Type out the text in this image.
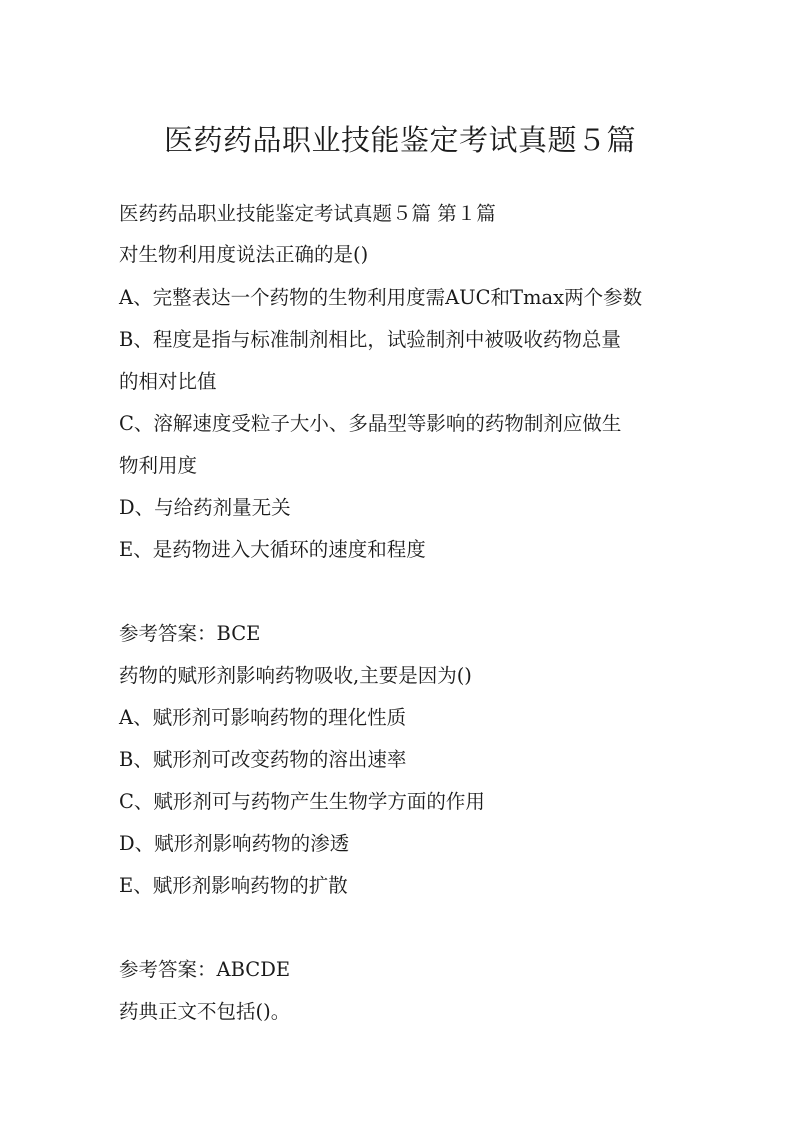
医药药品职业技能鉴定考试真题５篇
医药药品职业技能鉴定考试真题５篇 第１篇
对生物利用度说法正确的是()
A、完整表达一个药物的生物利用度需AUC和Tmax两个参数
B、程度是指与标准制剂相比，试验制剂中被吸收药物总量
的相对比值
C、溶解速度受粒子大小、多晶型等影响的药物制剂应做生
物利用度
D、与给药剂量无关
E、是药物进入大循环的速度和程度
参考答案：BCE
药物的赋形剂影响药物吸收,主要是因为()
A、赋形剂可影响药物的理化性质
B、赋形剂可改变药物的溶出速率
C、赋形剂可与药物产生生物学方面的作用
D、赋形剂影响药物的渗透
E、赋形剂影响药物的扩散
参考答案：ABCDE
药典正文不包括()。
